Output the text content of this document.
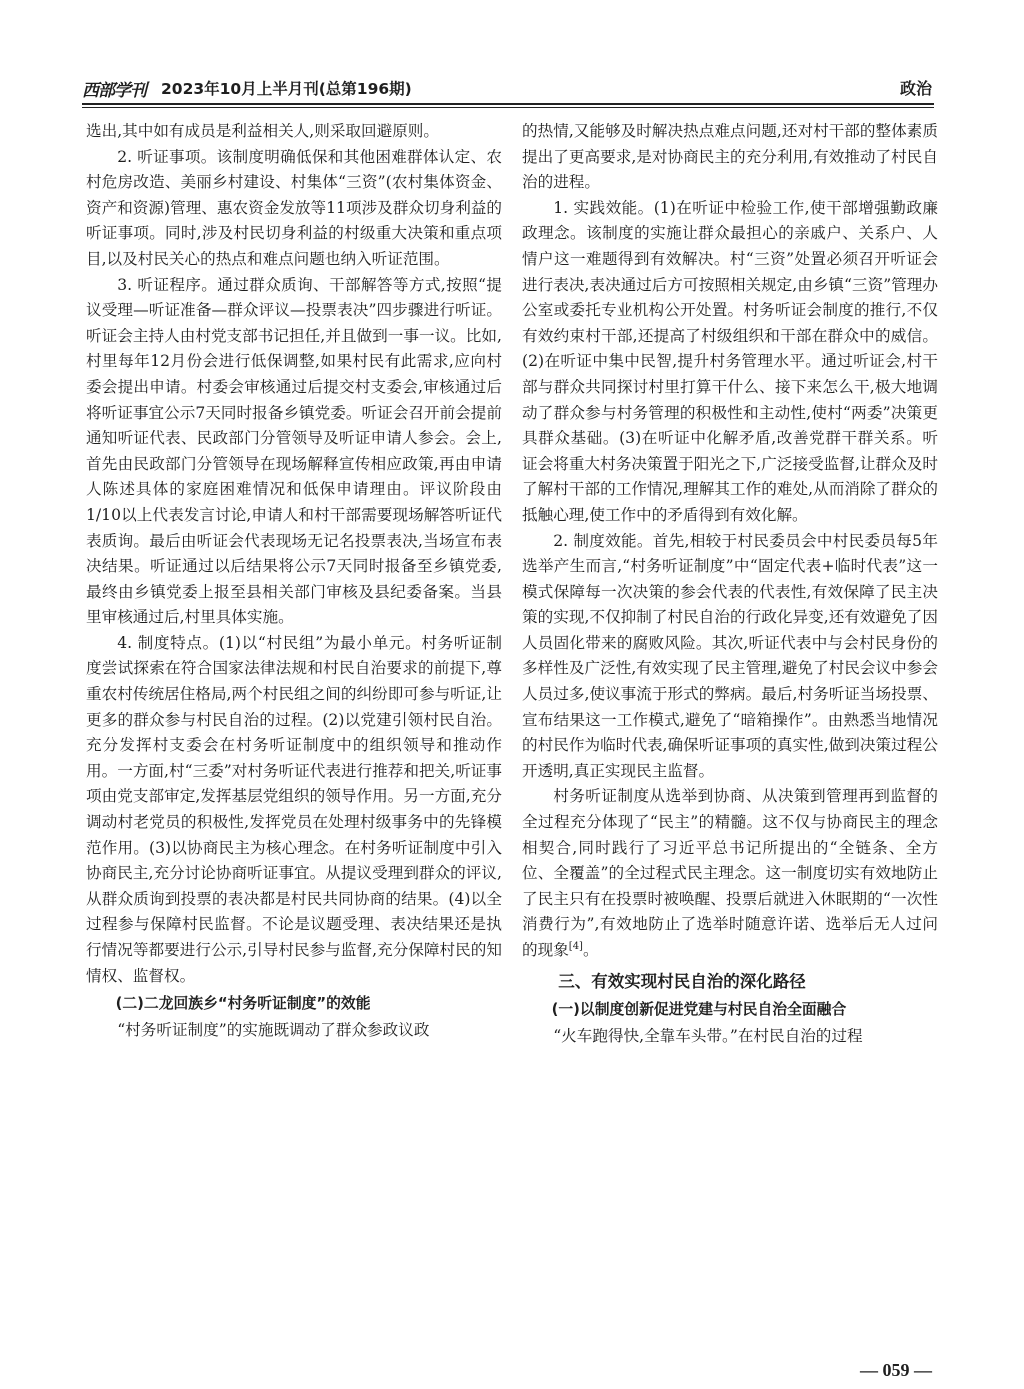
西部学刊 2023年10月上半月刊(总第196期)	政治

选出,其中如有成员是利益相关人,则采取回避原则。

2. 听证事项。该制度明确低保和其他困难群体认定、农村危房改造、美丽乡村建设、村集体“三资”(农村集体资金、资产和资源)管理、惠农资金发放等11项涉及群众切身利益的听证事项。同时,涉及村民切身利益的村级重大决策和重点项目,以及村民关心的热点和难点问题也纳入听证范围。

3. 听证程序。通过群众质询、干部解答等方式,按照“提议受理—听证准备—群众评议—投票表决”四步骤进行听证。听证会主持人由村党支部书记担任,并且做到一事一议。比如,村里每年12月份会进行低保调整,如果村民有此需求,应向村委会提出申请。村委会审核通过后提交村支委会,审核通过后将听证事宜公示7天同时报备乡镇党委。听证会召开前会提前通知听证代表、民政部门分管领导及听证申请人参会。会上,首先由民政部门分管领导在现场解释宣传相应政策,再由申请人陈述具体的家庭困难情况和低保申请理由。评议阶段由1/10以上代表发言讨论,申请人和村干部需要现场解答听证代表质询。最后由听证会代表现场无记名投票表决,当场宣布表决结果。听证通过以后结果将公示7天同时报备至乡镇党委,最终由乡镇党委上报至县相关部门审核及县纪委备案。当县里审核通过后,村里具体实施。

4. 制度特点。(1)以“村民组”为最小单元。村务听证制度尝试探索在符合国家法律法规和村民自治要求的前提下,尊重农村传统居住格局,两个村民组之间的纠纷即可参与听证,让更多的群众参与村民自治的过程。(2)以党建引领村民自治。充分发挥村支委会在村务听证制度中的组织领导和推动作用。一方面,村“三委”对村务听证代表进行推荐和把关,听证事项由党支部审定,发挥基层党组织的领导作用。另一方面,充分调动村老党员的积极性,发挥党员在处理村级事务中的先锋模范作用。(3)以协商民主为核心理念。在村务听证制度中引入协商民主,充分讨论协商听证事宜。从提议受理到群众的评议,从群众质询到投票的表决都是村民共同协商的结果。(4)以全过程参与保障村民监督。不论是议题受理、表决结果还是执行情况等都要进行公示,引导村民参与监督,充分保障村民的知情权、监督权。

(二)二龙回族乡“村务听证制度”的效能

“村务听证制度”的实施既调动了群众参政议政

的热情,又能够及时解决热点难点问题,还对村干部的整体素质提出了更高要求,是对协商民主的充分利用,有效推动了村民自治的进程。

1. 实践效能。(1)在听证中检验工作,使干部增强勤政廉政理念。该制度的实施让群众最担心的亲戚户、关系户、人情户这一难题得到有效解决。村“三资”处置必须召开听证会进行表决,表决通过后方可按照相关规定,由乡镇“三资”管理办公室或委托专业机构公开处置。村务听证会制度的推行,不仅有效约束村干部,还提高了村级组织和干部在群众中的威信。(2)在听证中集中民智,提升村务管理水平。通过听证会,村干部与群众共同探讨村里打算干什么、接下来怎么干,极大地调动了群众参与村务管理的积极性和主动性,使村“两委”决策更具群众基础。(3)在听证中化解矛盾,改善党群干群关系。听证会将重大村务决策置于阳光之下,广泛接受监督,让群众及时了解村干部的工作情况,理解其工作的难处,从而消除了群众的抵触心理,使工作中的矛盾得到有效化解。

2. 制度效能。首先,相较于村民委员会中村民委员每5年选举产生而言,“村务听证制度”中“固定代表+临时代表”这一模式保障每一次决策的参会代表的代表性,有效保障了民主决策的实现,不仅抑制了村民自治的行政化异变,还有效避免了因人员固化带来的腐败风险。其次,听证代表中与会村民身份的多样性及广泛性,有效实现了民主管理,避免了村民会议中参会人员过多,使议事流于形式的弊病。最后,村务听证当场投票、宣布结果这一工作模式,避免了“暗箱操作”。由熟悉当地情况的村民作为临时代表,确保听证事项的真实性,做到决策过程公开透明,真正实现民主监督。

村务听证制度从选举到协商、从决策到管理再到监督的全过程充分体现了“民主”的精髓。这不仅与协商民主的理念相契合,同时践行了习近平总书记所提出的“全链条、全方位、全覆盖”的全过程式民主理念。这一制度切实有效地防止了民主只有在投票时被唤醒、投票后就进入休眠期的“一次性消费行为”,有效地防止了选举时随意许诺、选举后无人过问的现象[4]。

三、有效实现村民自治的深化路径
(一)以制度创新促进党建与村民自治全面融合

“火车跑得快,全靠车头带。”在村民自治的过程

— 059 —
